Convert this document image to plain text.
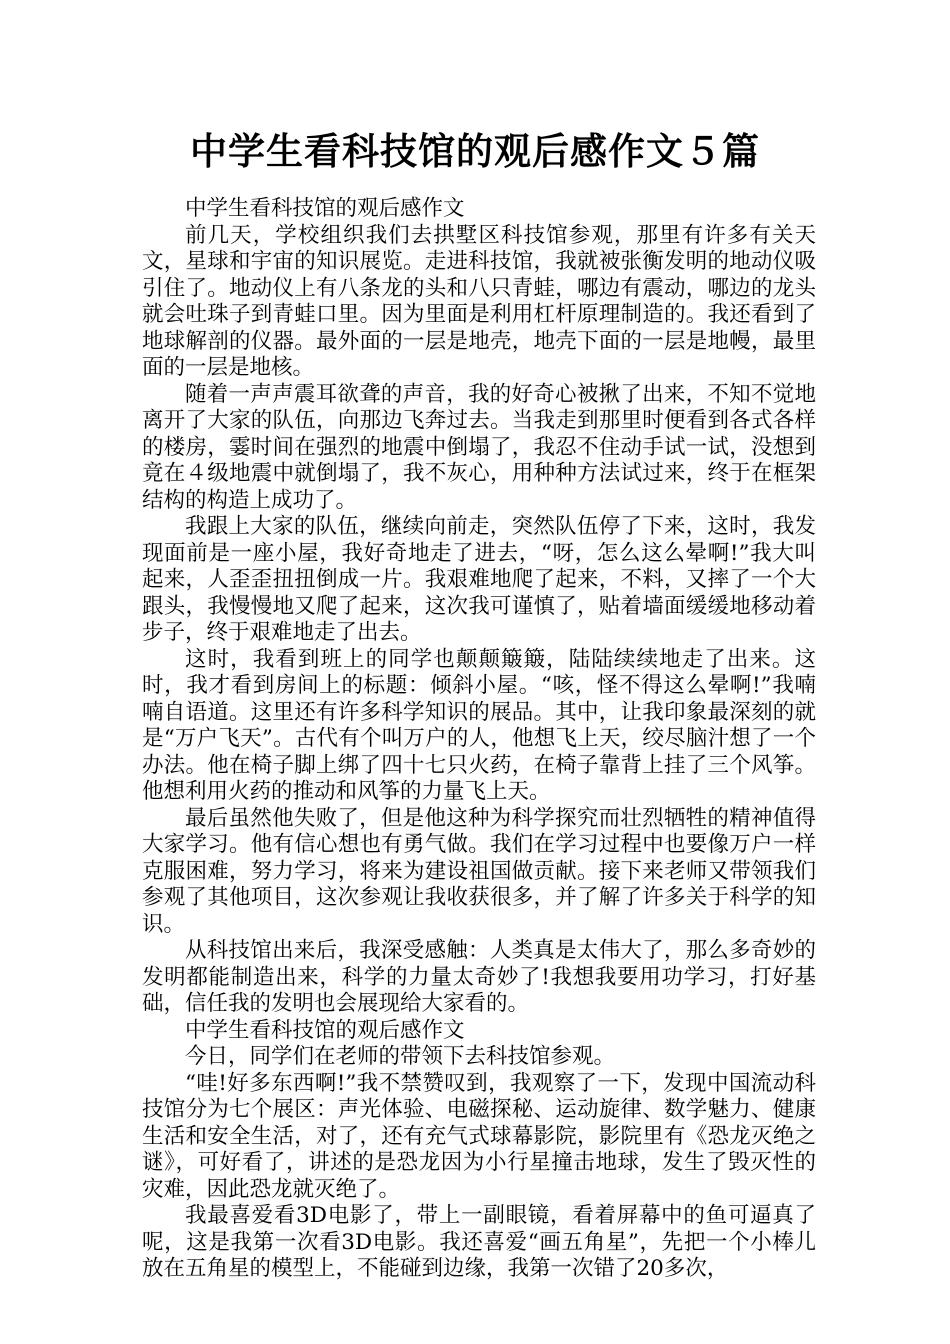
中学生看科技馆的观后感作文５篇

中学生看科技馆的观后感作文

前几天，学校组织我们去拱墅区科技馆参观，那里有许多有关天文，星球和宇宙的知识展览。走进科技馆，我就被张衡发明的地动仪吸引住了。地动仪上有八条龙的头和八只青蛙，哪边有震动，哪边的龙头就会吐珠子到青蛙口里。因为里面是利用杠杆原理制造的。我还看到了地球解剖的仪器。最外面的一层是地壳，地壳下面的一层是地幔，最里面的一层是地核。

随着一声声震耳欲聋的声音，我的好奇心被揪了出来，不知不觉地离开了大家的队伍，向那边飞奔过去。当我走到那里时便看到各式各样的楼房，霎时间在强烈的地震中倒塌了，我忍不住动手试一试，没想到竟在４级地震中就倒塌了，我不灰心，用种种方法试过来，终于在框架结构的构造上成功了。

我跟上大家的队伍，继续向前走，突然队伍停了下来，这时，我发现面前是一座小屋，我好奇地走了进去，“呀，怎么这么晕啊!”我大叫起来，人歪歪扭扭倒成一片。我艰难地爬了起来，不料，又摔了一个大跟头，我慢慢地又爬了起来，这次我可谨慎了，贴着墙面缓缓地移动着步子，终于艰难地走了出去。

这时，我看到班上的同学也颠颠簸簸，陆陆续续地走了出来。这时，我才看到房间上的标题：倾斜小屋。“咳，怪不得这么晕啊!”我喃喃自语道。这里还有许多科学知识的展品。其中，让我印象最深刻的就是“万户飞天”。古代有个叫万户的人，他想飞上天，绞尽脑汁想了一个办法。他在椅子脚上绑了四十七只火药，在椅子靠背上挂了三个风筝。他想利用火药的推动和风筝的力量飞上天。

最后虽然他失败了，但是他这种为科学探究而壮烈牺牲的精神值得大家学习。他有信心想也有勇气做。我们在学习过程中也要像万户一样克服困难，努力学习，将来为建设祖国做贡献。接下来老师又带领我们参观了其他项目，这次参观让我收获很多，并了解了许多关于科学的知识。

从科技馆出来后，我深受感触：人类真是太伟大了，那么多奇妙的发明都能制造出来，科学的力量太奇妙了!我想我要用功学习，打好基础，信任我的发明也会展现给大家看的。

中学生看科技馆的观后感作文

今日，同学们在老师的带领下去科技馆参观。

“哇!好多东西啊!”我不禁赞叹到，我观察了一下，发现中国流动科技馆分为七个展区：声光体验、电磁探秘、运动旋律、数学魅力、健康生活和安全生活，对了，还有充气式球幕影院，影院里有《恐龙灭绝之谜》，可好看了，讲述的是恐龙因为小行星撞击地球，发生了毁灭性的灾难，因此恐龙就灭绝了。

我最喜爱看3D电影了，带上一副眼镜，看着屏幕中的鱼可逼真了呢，这是我第一次看3D电影。我还喜爱“画五角星”，先把一个小棒儿放在五角星的模型上，不能碰到边缘，我第一次错了20多次，
